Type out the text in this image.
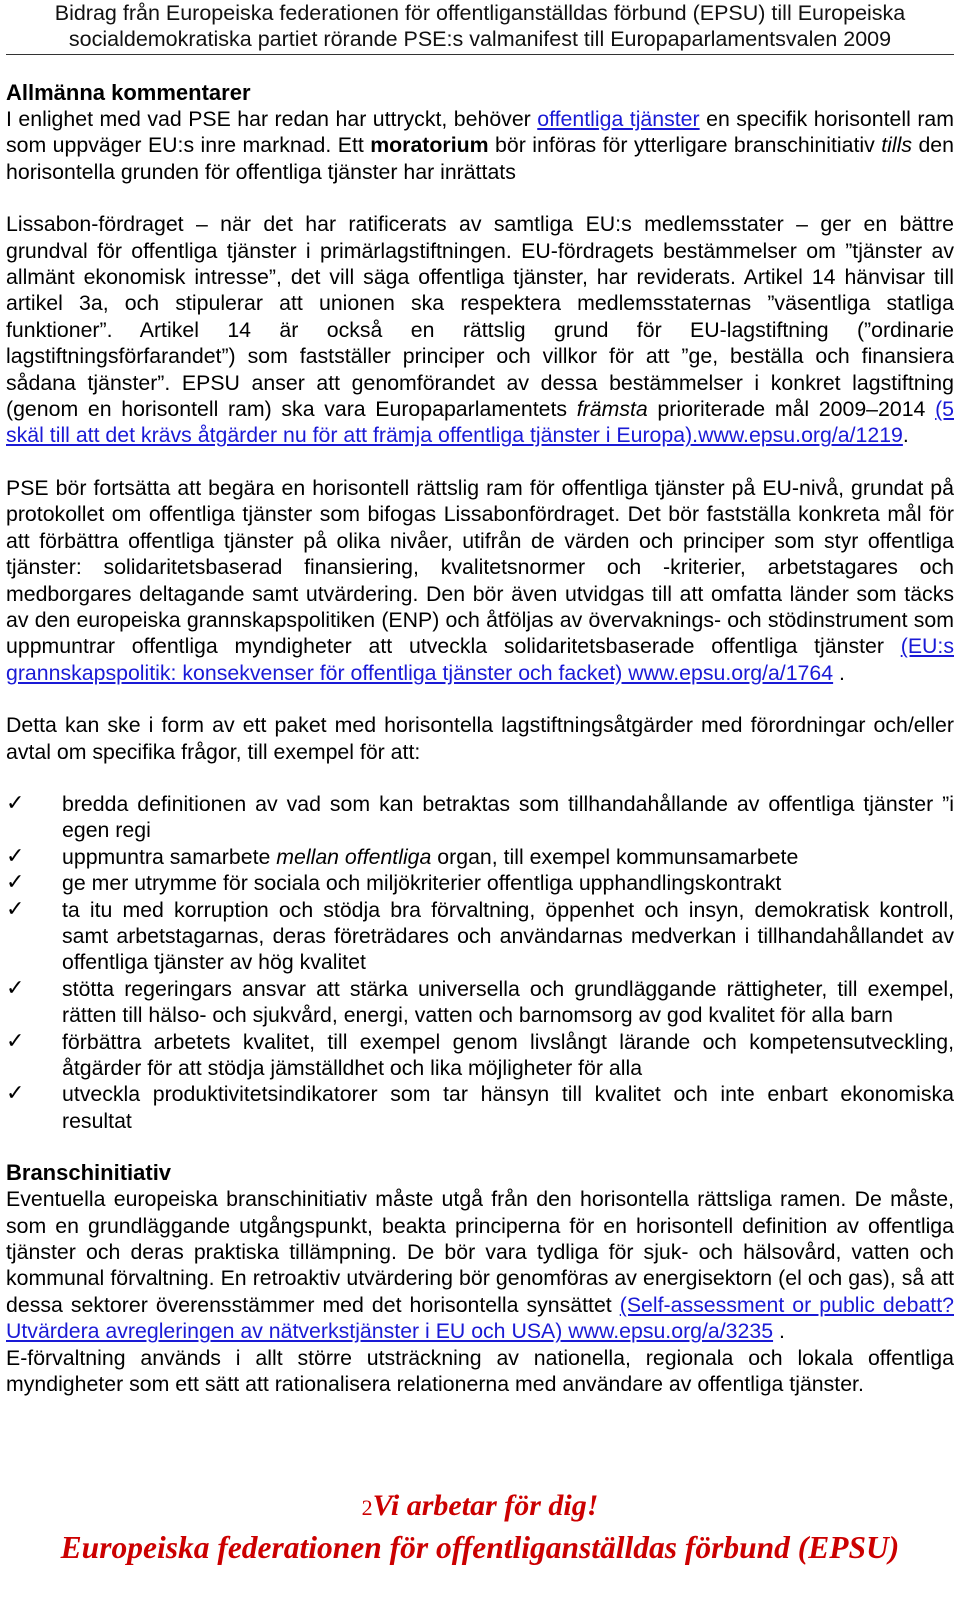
Bidrag från Europeiska federationen för offentliganställdas förbund (EPSU) till Europeiska
socialdemokratiska partiet rörande PSE:s valmanifest till Europaparlamentsvalen 2009
Allmänna kommentarer

I enlighet med vad PSE har redan har uttryckt, behöver offentliga tjänster en specifik horisontell ram som uppväger EU:s inre marknad. Ett moratorium bör införas för ytterligare branschinitiativ tills den horisontella grunden för offentliga tjänster har inrättats

Lissabon-fördraget – när det har ratificerats av samtliga EU:s medlemsstater – ger en bättre grundval för offentliga tjänster i primärlagstiftningen. EU-fördragets bestämmelser om ”tjänster av allmänt ekonomisk intresse”, det vill säga offentliga tjänster, har reviderats. Artikel 14 hänvisar till artikel 3a, och stipulerar att unionen ska respektera medlemsstaternas ”väsentliga statliga funktioner”. Artikel 14 är också en rättslig grund för EU-lagstiftning (”ordinarie lagstiftningsförfarandet”) som fastställer principer och villkor för att ”ge, beställa och finansiera sådana tjänster”. EPSU anser att genomförandet av dessa bestämmelser i konkret lagstiftning (genom en horisontell ram) ska vara Europaparlamentets främsta prioriterade mål 2009–2014 (5 skäl till att det krävs åtgärder nu för att främja offentliga tjänster i Europa).www.epsu.org/a/1219.

PSE bör fortsätta att begära en horisontell rättslig ram för offentliga tjänster på EU-nivå, grundat på protokollet om offentliga tjänster som bifogas Lissabonfördraget. Det bör fastställa konkreta mål för att förbättra offentliga tjänster på olika nivåer, utifrån de värden och principer som styr offentliga tjänster: solidaritetsbaserad finansiering, kvalitetsnormer och -kriterier, arbetstagares och medborgares deltagande samt utvärdering. Den bör även utvidgas till att omfatta länder som täcks av den europeiska grannskapspolitiken (ENP) och åtföljas av övervaknings- och stödinstrument som uppmuntrar offentliga myndigheter att utveckla solidaritetsbaserade offentliga tjänster (EU:s grannskapspolitik: konsekvenser för offentliga tjänster och facket) www.epsu.org/a/1764 .

Detta kan ske i form av ett paket med horisontella lagstiftningsåtgärder med förordningar och/eller avtal om specifika frågor, till exempel för att:

✓ bredda definitionen av vad som kan betraktas som tillhandahållande av offentliga tjänster ”i egen regi
✓ uppmuntra samarbete mellan offentliga organ, till exempel kommunsamarbete
✓ ge mer utrymme för sociala och miljökriterier offentliga upphandlingskontrakt
✓ ta itu med korruption och stödja bra förvaltning, öppenhet och insyn, demokratisk kontroll, samt arbetstagarnas, deras företrädares och användarnas medverkan i tillhandahållandet av offentliga tjänster av hög kvalitet
✓ stötta regeringars ansvar att stärka universella och grundläggande rättigheter, till exempel, rätten till hälso- och sjukvård, energi, vatten och barnomsorg av god kvalitet för alla barn
✓ förbättra arbetets kvalitet, till exempel genom livslångt lärande och kompetensutveckling, åtgärder för att stödja jämställdhet och lika möjligheter för alla
✓ utveckla produktivitetsindikatorer som tar hänsyn till kvalitet och inte enbart ekonomiska resultat
Branschinitiativ

Eventuella europeiska branschinitiativ måste utgå från den horisontella rättsliga ramen. De måste, som en grundläggande utgångspunkt, beakta principerna för en horisontell definition av offentliga tjänster och deras praktiska tillämpning. De bör vara tydliga för sjuk- och hälsovård, vatten och kommunal förvaltning. En retroaktiv utvärdering bör genomföras av energisektorn (el och gas), så att dessa sektorer överensstämmer med det horisontella synsättet (Self-assessment or public debatt? Utvärdera avregleringen av nätverkstjänster i EU och USA) www.epsu.org/a/3235 .

E-förvaltning används i allt större utsträckning av nationella, regionala och lokala offentliga myndigheter som ett sätt att rationalisera relationerna med användare av offentliga tjänster.

2Vi arbetar för dig!
Europeiska federationen för offentliganställdas förbund (EPSU)
